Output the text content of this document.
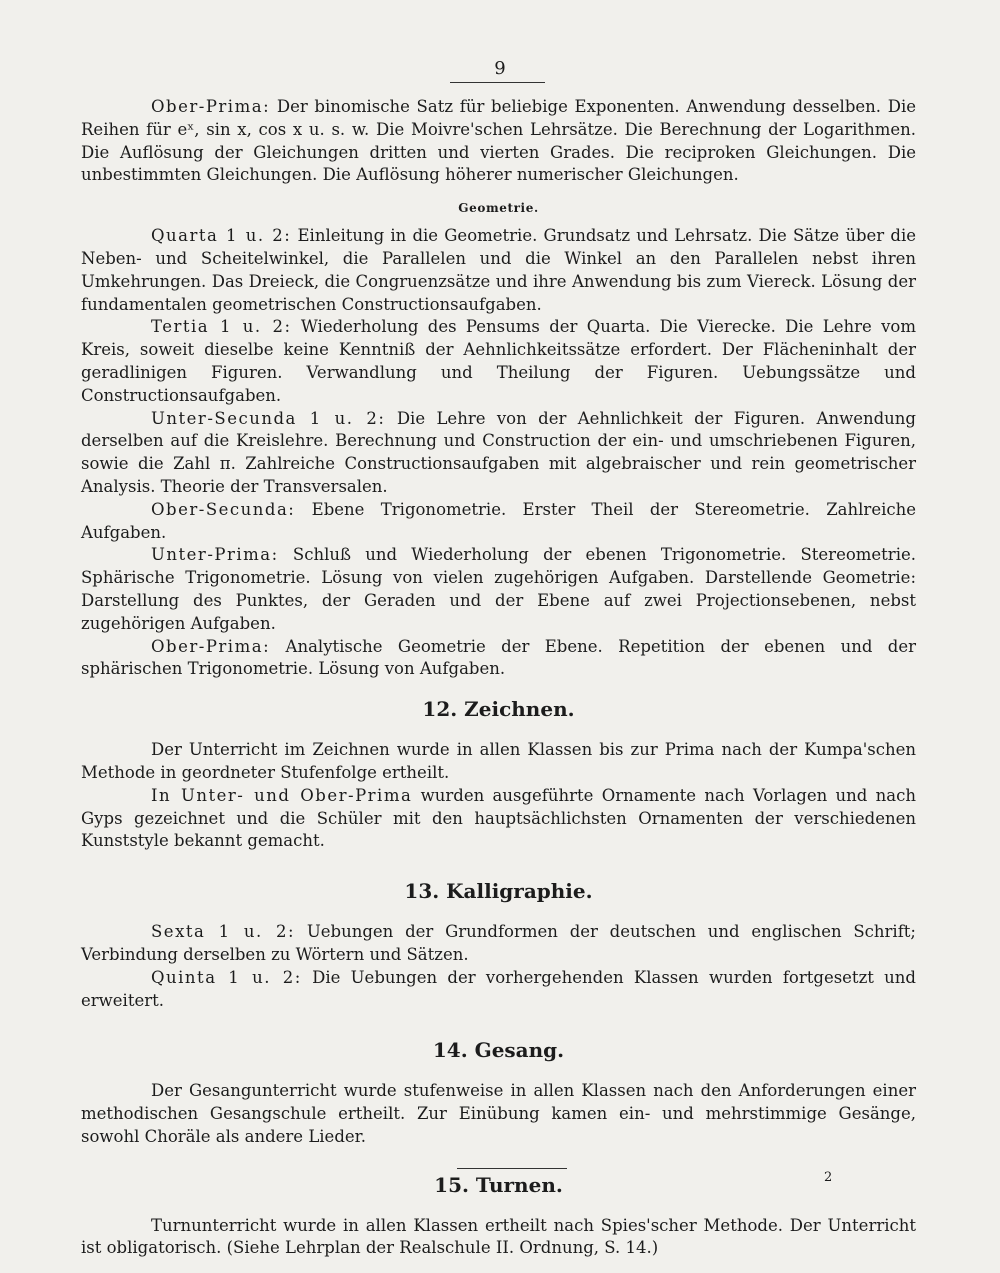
9

Ober-Prima: Der binomische Satz für beliebige Exponenten. Anwendung desselben. Die Reihen für eˣ, sin x, cos x u. s. w. Die Moivre'schen Lehrsätze. Die Berechnung der Logarithmen. Die Auflösung der Gleichungen dritten und vierten Grades. Die reciproken Gleichungen. Die unbestimmten Gleichungen. Die Auflösung höherer numerischer Gleichungen.

Geometrie.

Quarta 1 u. 2: Einleitung in die Geometrie. Grundsatz und Lehrsatz. Die Sätze über die Neben- und Scheitelwinkel, die Parallelen und die Winkel an den Parallelen nebst ihren Umkehrungen. Das Dreieck, die Congruenzsätze und ihre Anwendung bis zum Viereck. Lösung der fundamentalen geometrischen Constructionsaufgaben.

Tertia 1 u. 2: Wiederholung des Pensums der Quarta. Die Vierecke. Die Lehre vom Kreis, soweit dieselbe keine Kenntniß der Aehnlichkeitssätze erfordert. Der Flächeninhalt der geradlinigen Figuren. Verwandlung und Theilung der Figuren. Uebungssätze und Constructionsaufgaben.

Unter-Secunda 1 u. 2: Die Lehre von der Aehnlichkeit der Figuren. Anwendung derselben auf die Kreislehre. Berechnung und Construction der ein- und umschriebenen Figuren, sowie die Zahl π. Zahlreiche Constructionsaufgaben mit algebraischer und rein geometrischer Analysis. Theorie der Transversalen.

Ober-Secunda: Ebene Trigonometrie. Erster Theil der Stereometrie. Zahlreiche Aufgaben.

Unter-Prima: Schluß und Wiederholung der ebenen Trigonometrie. Stereometrie. Sphärische Trigonometrie. Lösung von vielen zugehörigen Aufgaben. Darstellende Geometrie: Darstellung des Punktes, der Geraden und der Ebene auf zwei Projectionsebenen, nebst zugehörigen Aufgaben.

Ober-Prima: Analytische Geometrie der Ebene. Repetition der ebenen und der sphärischen Trigonometrie. Lösung von Aufgaben.

12. Zeichnen.

Der Unterricht im Zeichnen wurde in allen Klassen bis zur Prima nach der Kumpa'schen Methode in geordneter Stufenfolge ertheilt.

In Unter- und Ober-Prima wurden ausgeführte Ornamente nach Vorlagen und nach Gyps gezeichnet und die Schüler mit den hauptsächlichsten Ornamenten der verschiedenen Kunststyle bekannt gemacht.

13. Kalligraphie.

Sexta 1 u. 2: Uebungen der Grundformen der deutschen und englischen Schrift; Verbindung derselben zu Wörtern und Sätzen.

Quinta 1 u. 2: Die Uebungen der vorhergehenden Klassen wurden fortgesetzt und erweitert.

14. Gesang.

Der Gesangunterricht wurde stufenweise in allen Klassen nach den Anforderungen einer methodischen Gesangschule ertheilt. Zur Einübung kamen ein- und mehrstimmige Gesänge, sowohl Choräle als andere Lieder.

15. Turnen.

Turnunterricht wurde in allen Klassen ertheilt nach Spies'scher Methode. Der Unterricht ist obligatorisch. (Siehe Lehrplan der Realschule II. Ordnung, S. 14.)

2
